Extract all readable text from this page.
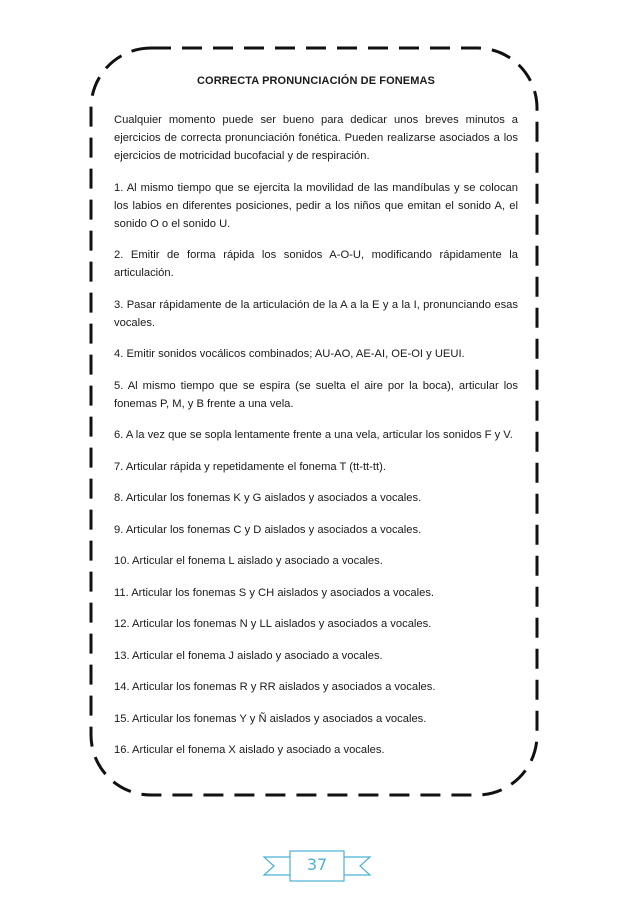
CORRECTA PRONUNCIACIÓN DE FONEMAS

Cualquier momento puede ser bueno para dedicar unos breves minutos a ejercicios de correcta pronunciación fonética. Pueden realizarse asociados a los ejercicios de motricidad bucofacial y de respiración.

1. Al mismo tiempo que se ejercita la movilidad de las mandíbulas y se colocan los labios en diferentes posiciones, pedir a los niños que emitan el sonido A, el sonido O o el sonido U.

2. Emitir de forma rápida los sonidos A-O-U, modificando rápidamente la articulación.

3. Pasar rápidamente de la articulación de la A a la E y a la I, pronunciando esas vocales.

4. Emitir sonidos vocálicos combinados; AU-AO, AE-AI, OE-OI y UEUI.

5. Al mismo tiempo que se espira (se suelta el aire por la boca), articular los fonemas P, M, y B frente a una vela.

6. A la vez que se sopla lentamente frente a una vela, articular los sonidos F y V.

7. Articular rápida y repetidamente el fonema T (tt-tt-tt).

8. Articular los fonemas K y G aislados y asociados a vocales.

9. Articular los fonemas C y D aislados y asociados a vocales.

10. Articular el fonema L aislado y asociado a vocales.

11. Articular los fonemas S y CH aislados y asociados a vocales.

12. Articular los fonemas N y LL aislados y asociados a vocales.

13. Articular el fonema J aislado y asociado a vocales.

14. Articular los fonemas R y RR aislados y asociados a vocales.

15. Articular los fonemas Y y Ñ aislados y asociados a vocales.

16. Articular el fonema X aislado y asociado a vocales.

37
